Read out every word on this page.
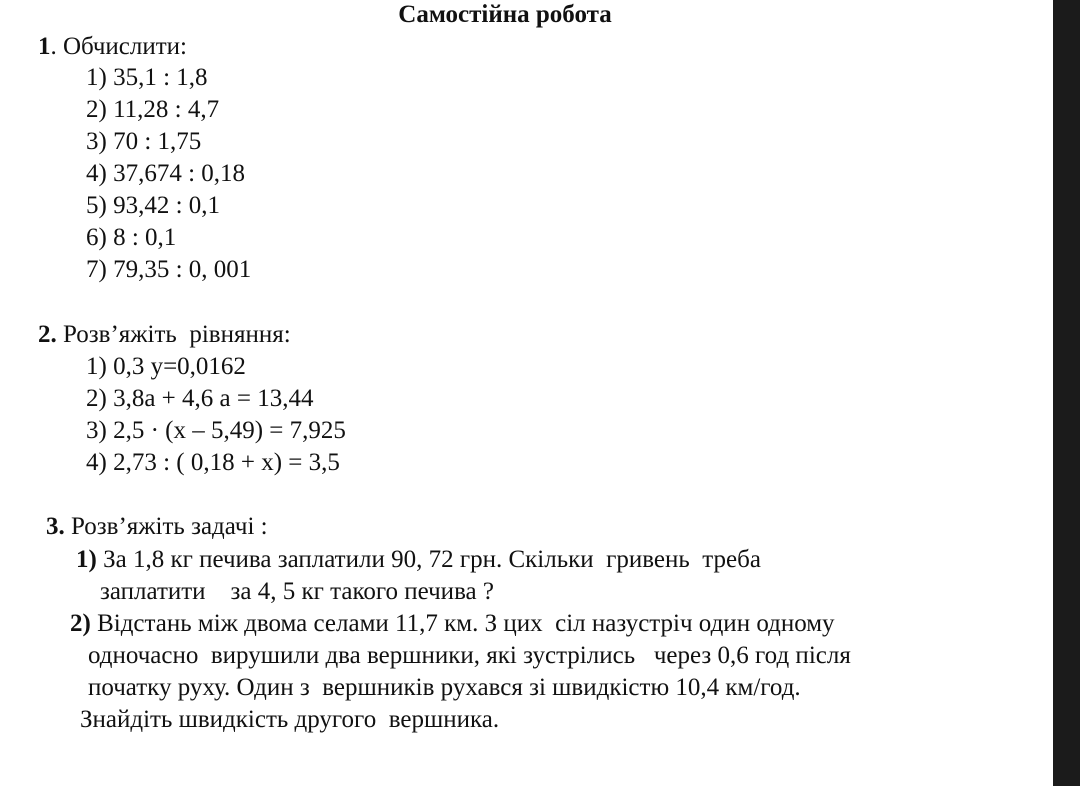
Самостійна робота
1. Обчислити:
1) 35,1 : 1,8
2) 11,28 : 4,7
3) 70 : 1,75
4) 37,674 : 0,18
5) 93,42 : 0,1
6) 8 : 0,1
7) 79,35 : 0, 001
2. Розв’яжіть  рівняння:
1) 0,3 у=0,0162
2) 3,8а + 4,6 а = 13,44
3) 2,5 · (х – 5,49) = 7,925
4) 2,73 : ( 0,18 + х) = 3,5
3. Розв’яжіть задачі :
1) За 1,8 кг печива заплатили 90, 72 грн. Скільки  гривень  треба
заплатити    за 4, 5 кг такого печива ?
2) Відстань між двома селами 11,7 км. З цих  сіл назустріч один одному
одночасно  вирушили два вершники, які зустрілись   через 0,6 год після
початку руху. Один з  вершників рухався зі швидкістю 10,4 км/год.
Знайдіть швидкість другого  вершника.
